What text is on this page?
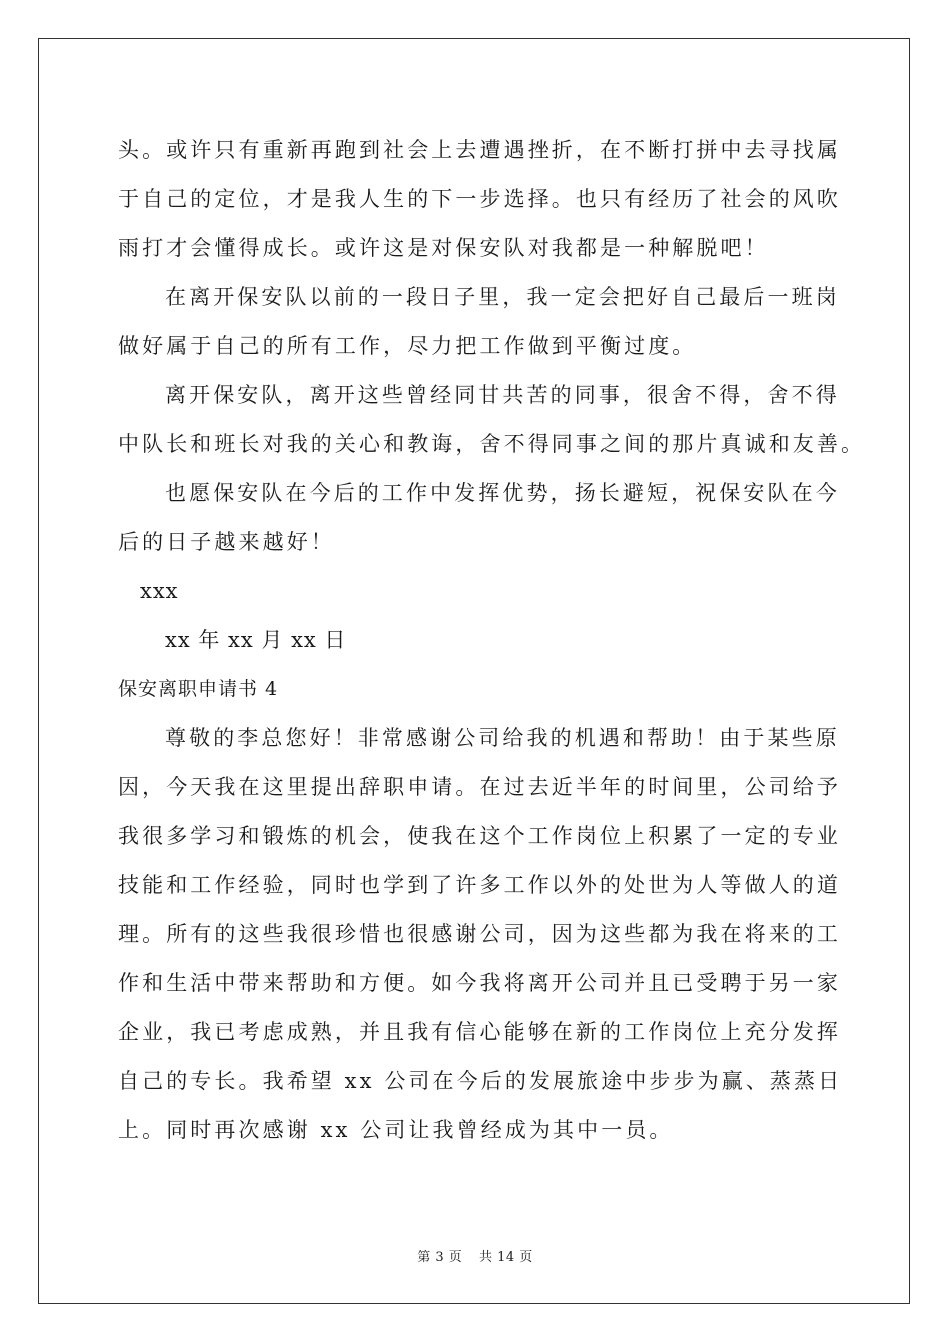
头。或许只有重新再跑到社会上去遭遇挫折，在不断打拼中去寻找属
于自己的定位，才是我人生的下一步选择。也只有经历了社会的风吹
雨打才会懂得成长。或许这是对保安队对我都是一种解脱吧！
在离开保安队以前的一段日子里，我一定会把好自己最后一班岗
做好属于自己的所有工作，尽力把工作做到平衡过度。
离开保安队，离开这些曾经同甘共苦的同事，很舍不得，舍不得
中队长和班长对我的关心和教诲，舍不得同事之间的那片真诚和友善。
也愿保安队在今后的工作中发挥优势，扬长避短，祝保安队在今
后的日子越来越好！
xxx
xx 年 xx 月 xx 日
保安离职申请书 4
尊敬的李总您好！非常感谢公司给我的机遇和帮助！由于某些原
因，今天我在这里提出辞职申请。在过去近半年的时间里，公司给予
我很多学习和锻炼的机会，使我在这个工作岗位上积累了一定的专业
技能和工作经验，同时也学到了许多工作以外的处世为人等做人的道
理。所有的这些我很珍惜也很感谢公司，因为这些都为我在将来的工
作和生活中带来帮助和方便。如今我将离开公司并且已受聘于另一家
企业，我已考虑成熟，并且我有信心能够在新的工作岗位上充分发挥
自己的专长。我希望 xx 公司在今后的发展旅途中步步为赢、蒸蒸日
上。同时再次感谢 xx 公司让我曾经成为其中一员。
第 3 页 共 14 页
